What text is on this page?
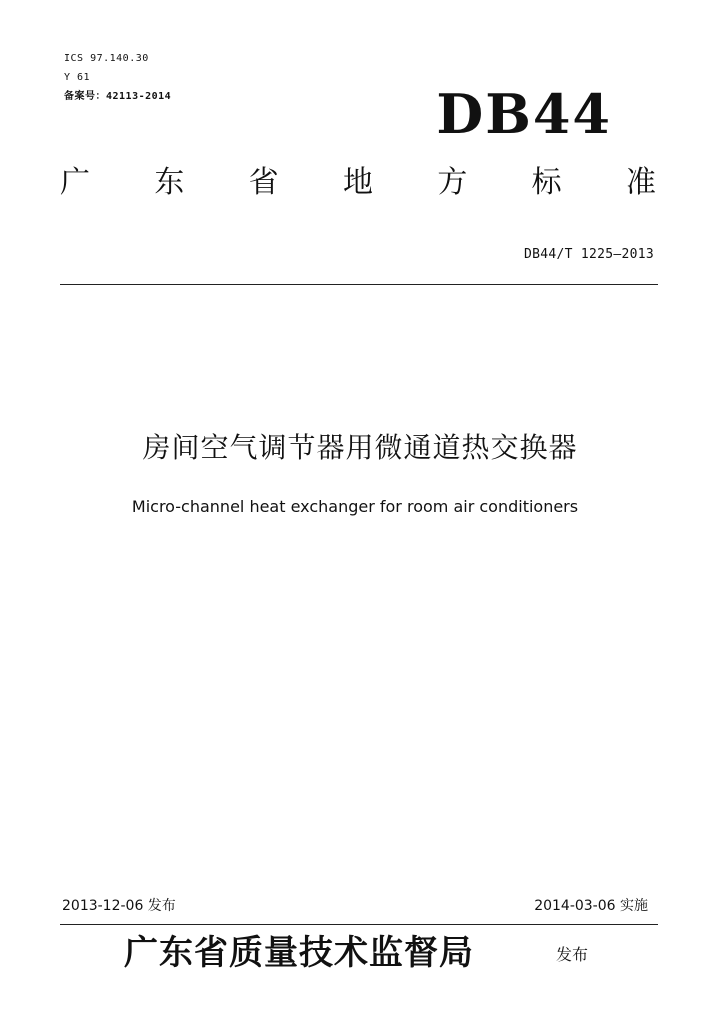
ICS 97.140.30
Y 61
备案号：42113-2014	DB44
广 东 省 地 方 标 准
DB44/T 1225—2013
房间空气调节器用微通道热交换器
Micro-channel heat exchanger for room air conditioners
2013-12-06 发布	2014-03-06 实施
广东省质量技术监督局	发布
